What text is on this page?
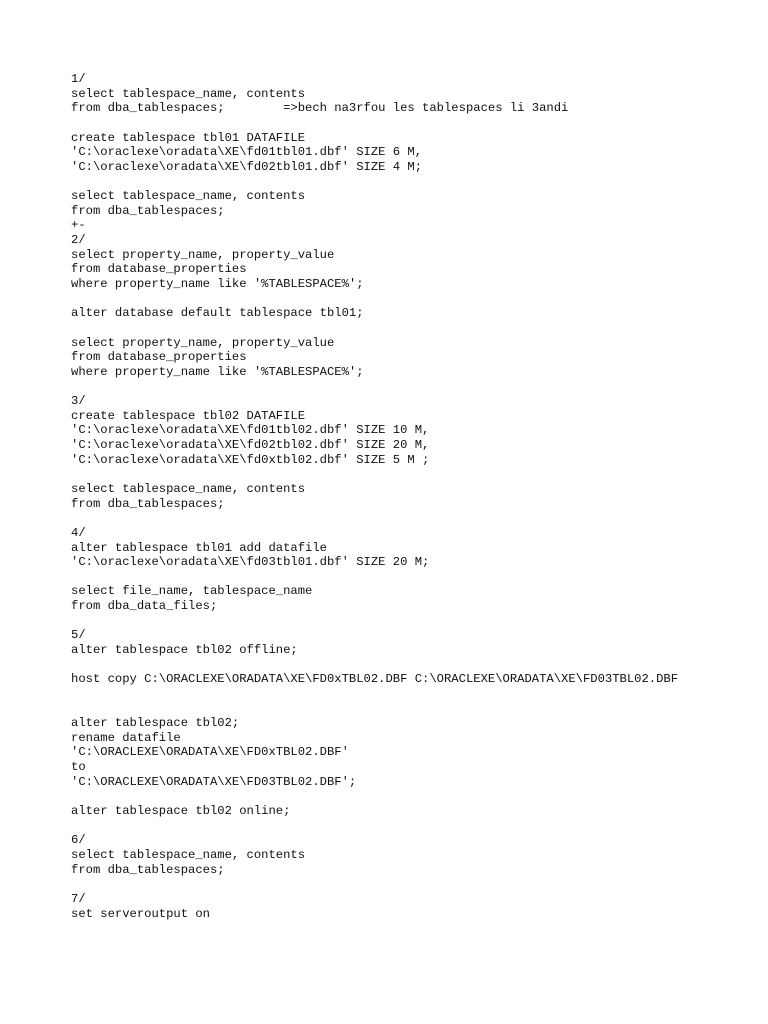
1/
select tablespace_name, contents
from dba_tablespaces;        =>bech na3rfou les tablespaces li 3andi
create tablespace tbl01 DATAFILE
'C:\oraclexe\oradata\XE\fd01tbl01.dbf' SIZE 6 M,
'C:\oraclexe\oradata\XE\fd02tbl01.dbf' SIZE 4 M;
select tablespace_name, contents
from dba_tablespaces;
+-
2/
select property_name, property_value
from database_properties
where property_name like '%TABLESPACE%';
alter database default tablespace tbl01;
select property_name, property_value
from database_properties
where property_name like '%TABLESPACE%';
3/
create tablespace tbl02 DATAFILE
'C:\oraclexe\oradata\XE\fd01tbl02.dbf' SIZE 10 M,
'C:\oraclexe\oradata\XE\fd02tbl02.dbf' SIZE 20 M,
'C:\oraclexe\oradata\XE\fd0xtbl02.dbf' SIZE 5 M ;
select tablespace_name, contents
from dba_tablespaces;
4/
alter tablespace tbl01 add datafile
'C:\oraclexe\oradata\XE\fd03tbl01.dbf' SIZE 20 M;
select file_name, tablespace_name
from dba_data_files;
5/
alter tablespace tbl02 offline;
host copy C:\ORACLEXE\ORADATA\XE\FD0xTBL02.DBF C:\ORACLEXE\ORADATA\XE\FD03TBL02.DBF
alter tablespace tbl02;
rename datafile
'C:\ORACLEXE\ORADATA\XE\FD0xTBL02.DBF'
to
'C:\ORACLEXE\ORADATA\XE\FD03TBL02.DBF';
alter tablespace tbl02 online;
6/
select tablespace_name, contents
from dba_tablespaces;
7/
set serveroutput on
